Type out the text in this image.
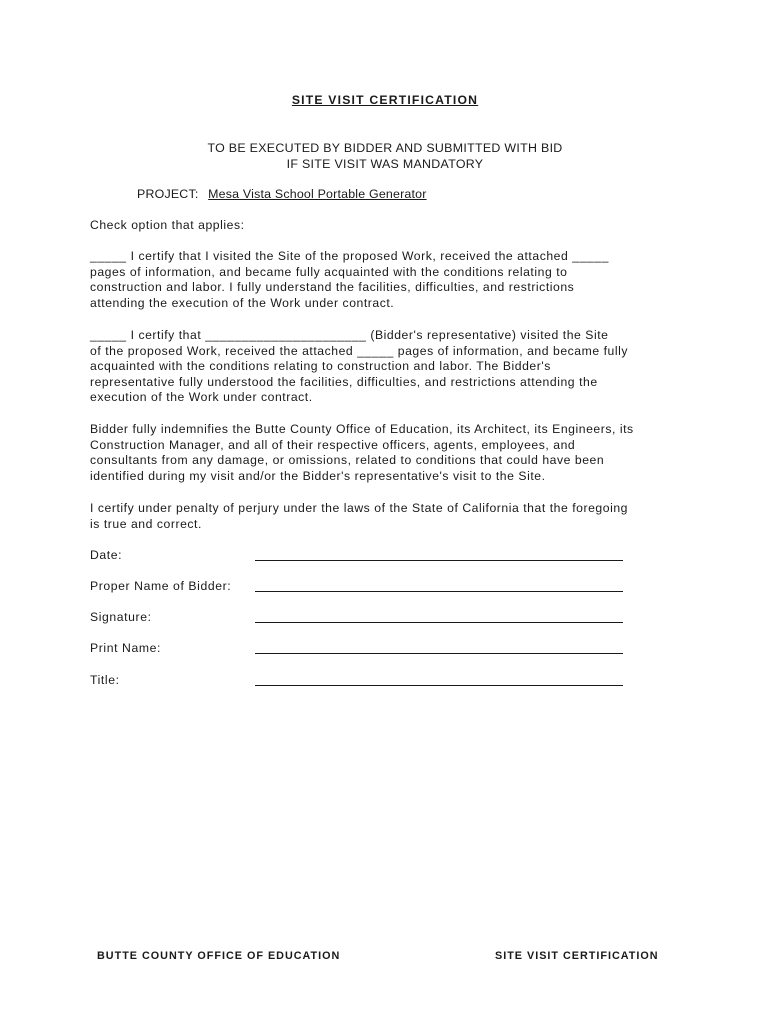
SITE VISIT CERTIFICATION
TO BE EXECUTED BY BIDDER AND SUBMITTED WITH BID
IF SITE VISIT WAS MANDATORY
PROJECT: Mesa Vista School Portable Generator
Check option that applies:
_____ I certify that I visited the Site of the proposed Work, received the attached _____
pages of information, and became fully acquainted with the conditions relating to
construction and labor. I fully understand the facilities, difficulties, and restrictions
attending the execution of the Work under contract.
_____ I certify that ______________________ (Bidder's representative) visited the Site
of the proposed Work, received the attached _____ pages of information, and became fully
acquainted with the conditions relating to construction and labor. The Bidder's
representative fully understood the facilities, difficulties, and restrictions attending the
execution of the Work under contract.
Bidder fully indemnifies the Butte County Office of Education, its Architect, its Engineers, its
Construction Manager, and all of their respective officers, agents, employees, and
consultants from any damage, or omissions, related to conditions that could have been
identified during my visit and/or the Bidder's representative's visit to the Site.
I certify under penalty of perjury under the laws of the State of California that the foregoing
is true and correct.
Date:
Proper Name of Bidder:
Signature:
Print Name:
Title:
BUTTE COUNTY OFFICE OF EDUCATION	SITE VISIT CERTIFICATION
